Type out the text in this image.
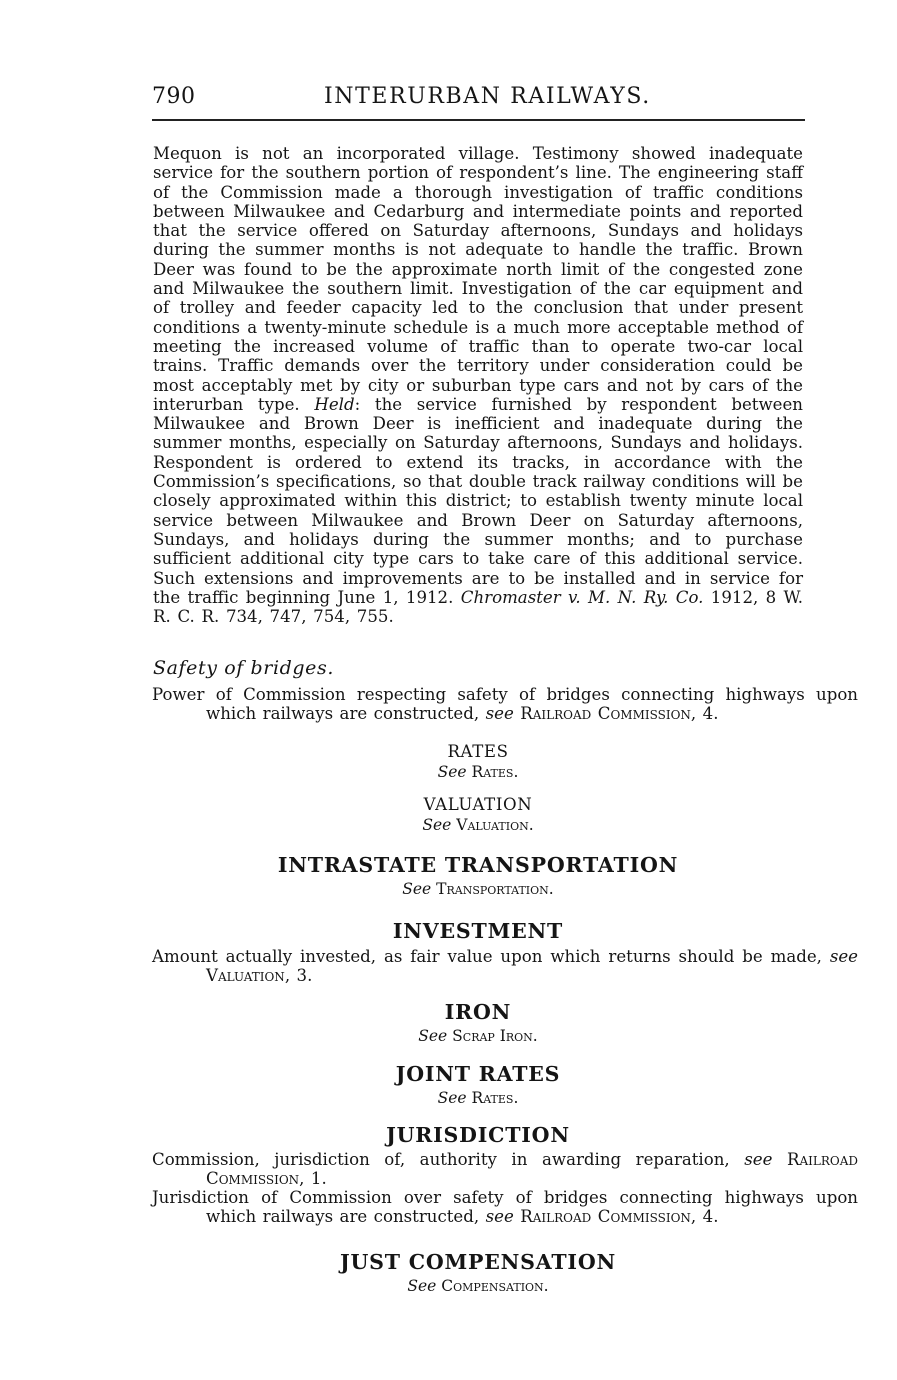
790	INTERURBAN RAILWAYS.

Mequon is not an incorporated village. Testimony showed inadequate service for the southern portion of respondent’s line. The engineering staff of the Commission made a thorough investigation of traffic conditions between Milwaukee and Cedarburg and intermediate points and reported that the service offered on Saturday afternoons, Sundays and holidays during the summer months is not adequate to handle the traffic. Brown Deer was found to be the approximate north limit of the congested zone and Milwaukee the southern limit. Investigation of the car equipment and of trolley and feeder capacity led to the conclusion that under present conditions a twenty-minute schedule is a much more acceptable method of meeting the increased volume of traffic than to operate two-car local trains. Traffic demands over the territory under consideration could be most acceptably met by city or suburban type cars and not by cars of the interurban type. Held: the service furnished by respondent between Milwaukee and Brown Deer is inefficient and inadequate during the summer months, especially on Saturday afternoons, Sundays and holidays. Respondent is ordered to extend its tracks, in accordance with the Commission’s specifications, so that double track railway conditions will be closely approximated within this district; to establish twenty minute local service between Milwaukee and Brown Deer on Saturday afternoons, Sundays, and holidays during the summer months; and to purchase sufficient additional city type cars to take care of this additional service. Such extensions and improvements are to be installed and in service for the traffic beginning June 1, 1912. Chromaster v. M. N. Ry. Co. 1912, 8 W. R. C. R. 734, 747, 754, 755.

Safety of bridges.

Power of Commission respecting safety of bridges connecting highways upon which railways are constructed, see Railroad Commission, 4.

RATES
See Rates.
VALUATION
See Valuation.
INTRASTATE TRANSPORTATION
See Transportation.
INVESTMENT

Amount actually invested, as fair value upon which returns should be made, see Valuation, 3.

IRON
See Scrap Iron.
JOINT RATES
See Rates.
JURISDICTION

Commission, jurisdiction of, authority in awarding reparation, see Railroad Commission, 1.

Jurisdiction of Commission over safety of bridges connecting highways upon which railways are constructed, see Railroad Commission, 4.

JUST COMPENSATION
See Compensation.
